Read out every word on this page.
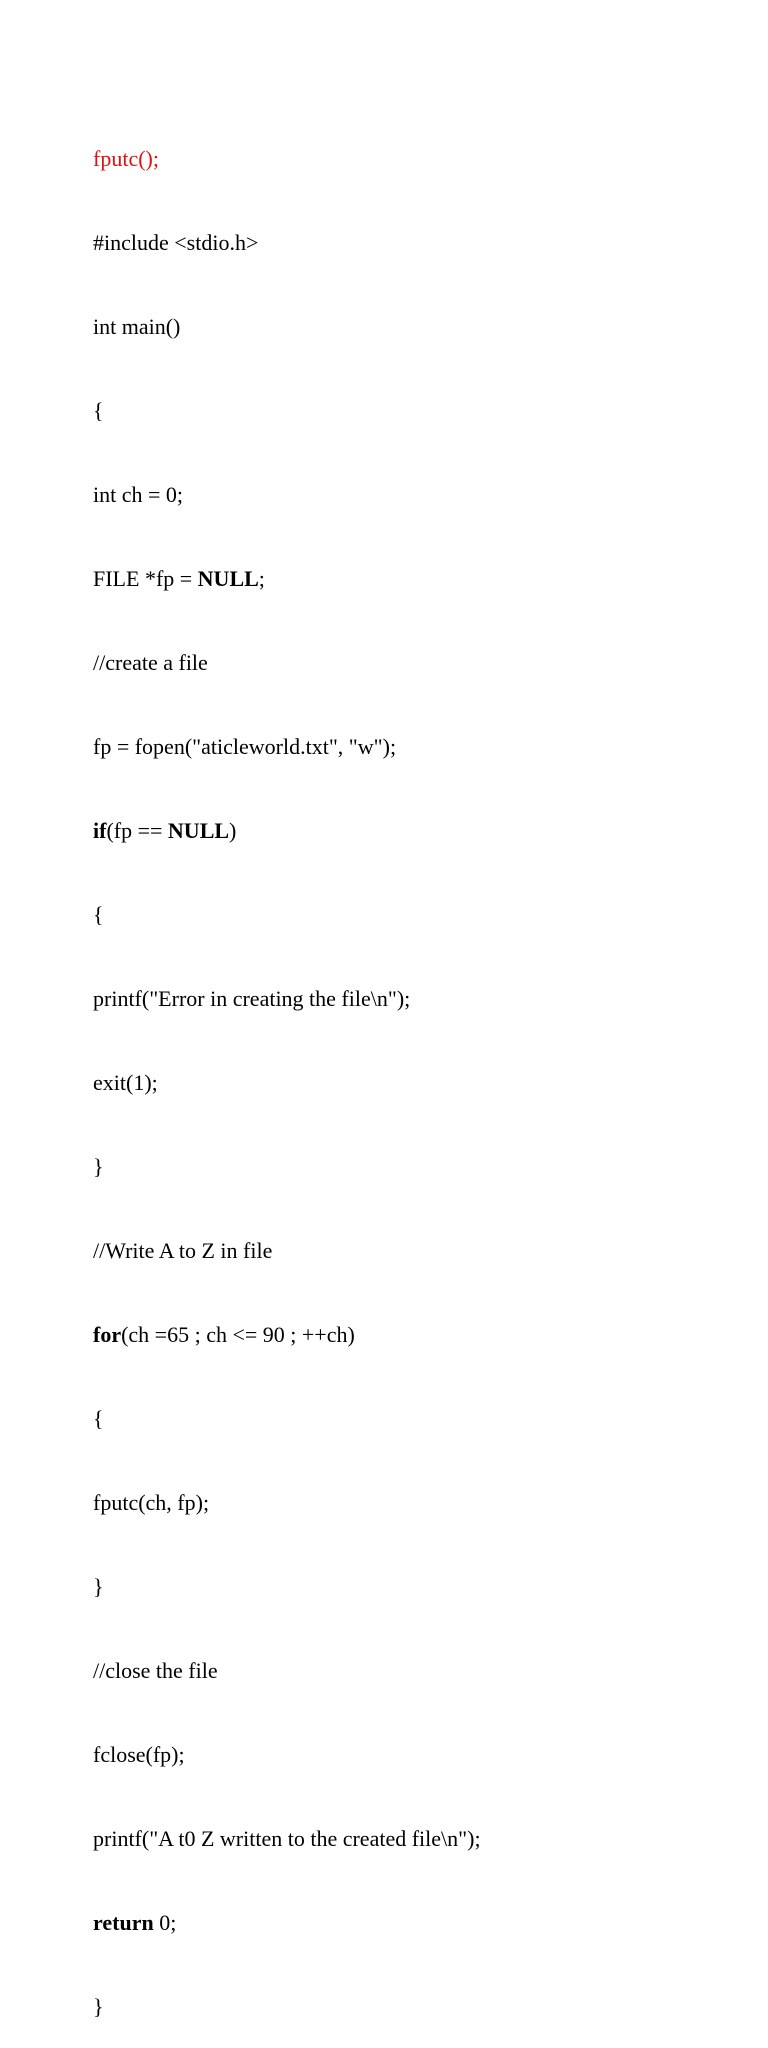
fputc();

#include <stdio.h>

int main()

{

int ch = 0;

FILE *fp = NULL;

//create a file

fp = fopen("aticleworld.txt", "w");

if(fp == NULL)

{

printf("Error in creating the file\n");

exit(1);

}

//Write A to Z in file

for(ch =65 ; ch <= 90 ; ++ch)

{

fputc(ch, fp);

}

//close the file

fclose(fp);

printf("A t0 Z written to the created file\n");

return 0;

}
